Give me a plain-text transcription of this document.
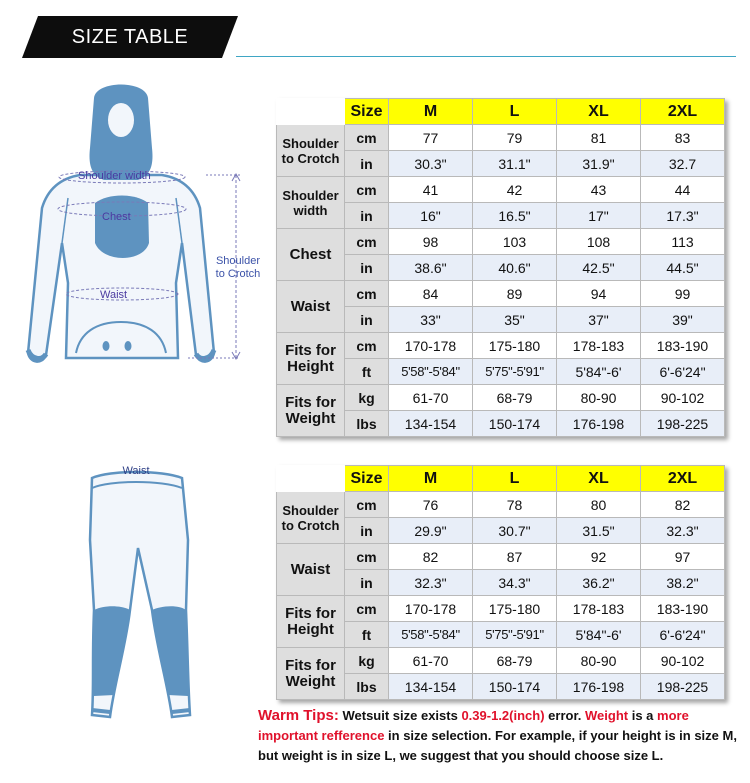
SIZE TABLE
Shoulder width
Chest
Waist
Shoulder
to Crotch
Waist
	Size	M	L	XL	2XL
Shoulder to Crotch	cm	77	79	81	83
	in	30.3"	31.1"	31.9"	32.7
Shoulder width	cm	41	42	43	44
	in	16"	16.5"	17"	17.3"
Chest	cm	98	103	108	113
	in	38.6"	40.6"	42.5"	44.5"
Waist	cm	84	89	94	99
	in	33"	35"	37"	39"
Fits for Height	cm	170-178	175-180	178-183	183-190
	ft	5'58"-5'84"	5'75"-5'91"	5'84"-6'	6'-6'24"
Fits for Weight	kg	61-70	68-79	80-90	90-102
	lbs	134-154	150-174	176-198	198-225
	Size	M	L	XL	2XL
Shoulder to Crotch	cm	76	78	80	82
	in	29.9"	30.7"	31.5"	32.3"
Waist	cm	82	87	92	97
	in	32.3"	34.3"	36.2"	38.2"
Fits for Height	cm	170-178	175-180	178-183	183-190
	ft	5'58"-5'84"	5'75"-5'91"	5'84"-6'	6'-6'24"
Fits for Weight	kg	61-70	68-79	80-90	90-102
	lbs	134-154	150-174	176-198	198-225
Warm Tips: Wetsuit size exists 0.39-1.2(inch) error. Weight is a more important refference in size selection. For example, if your height is in size M, but weight is in size L, we suggest that you should choose size L.
